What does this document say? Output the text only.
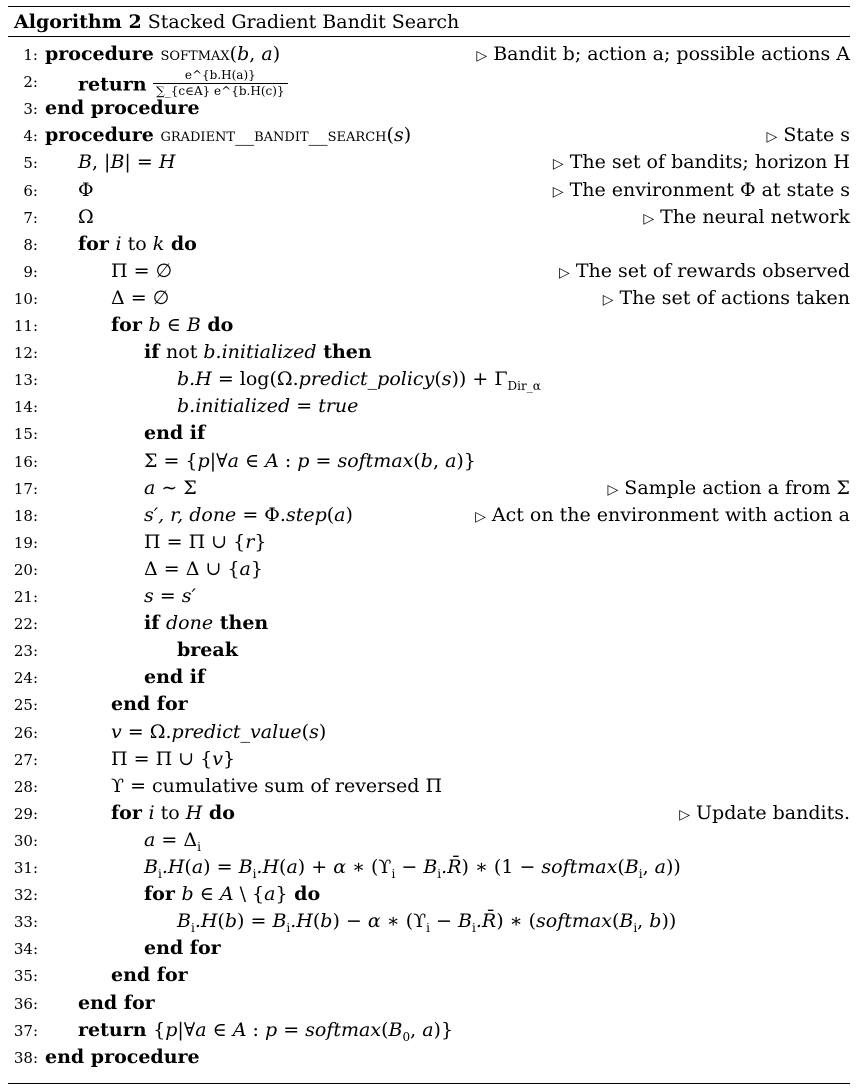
Algorithm 2 Stacked Gradient Bandit Search
1: procedure softmax(b, a)	▷ Bandit b; action a; possible actions A
2: return $\frac{e\^{}\{b.H(a)\}}{\sum\_\{c\in A\} e\^{}\{b.H(c)\}}$
3: end procedure
4: procedure gradient__bandit__search(s)	▷ State s
5: B, |B| = H	▷ The set of bandits; horizon H
6: Φ	▷ The environment Φ at state s
7: Ω	▷ The neural network
8: for i to k do
9:	Π = ∅	▷ The set of rewards observed
10:	Δ = ∅	▷ The set of actions taken
11:	for b ∈ B do
12:	if not b.initialized then
13:	b.H = log(Ω.predict_policy(s)) + $\Gamma_{Dir\_\alpha}$
14:	b.initialized = true
15:	end if
16:	Σ = {p|∀a ∈ A : p = softmax(b, a)}
17:	a ∼ Σ	▷ Sample action a from Σ
18:	s′, r, done = Φ.step(a)	▷ Act on the environment with action a
19:	Π = Π ∪ {r}
20:	Δ = Δ ∪ {a}
21:	s = s′
22:	if done then
23:	break
24:	end if
25:	end for
26:	v = Ω.predict_value(s)
27:	Π = Π ∪ {v}
28:	ϒ = cumulative sum of reversed Π
29:	for i to H do	▷ Update bandits.
30:	$a = \Delta_i$
31:	$B_i.H(a) = B_i.H(a) + \alpha$ ∗ ($ϒ_i$ − $B_i.R̄$) ∗ ($1 - softmax(B_i$, a))
32:	for b ∈ A \ {a} do
33:	$B_i.H(b) = B_i.H(b) - \alpha$ ∗ ($ϒ_i$ − $B_i.R̄$) ∗ ($softmax(B_i$, b))
34:	end for
35:	end for
36: end for
37: return {p|∀a ∈ A : $p = softmax(B_0$, a)}
38: end procedure
